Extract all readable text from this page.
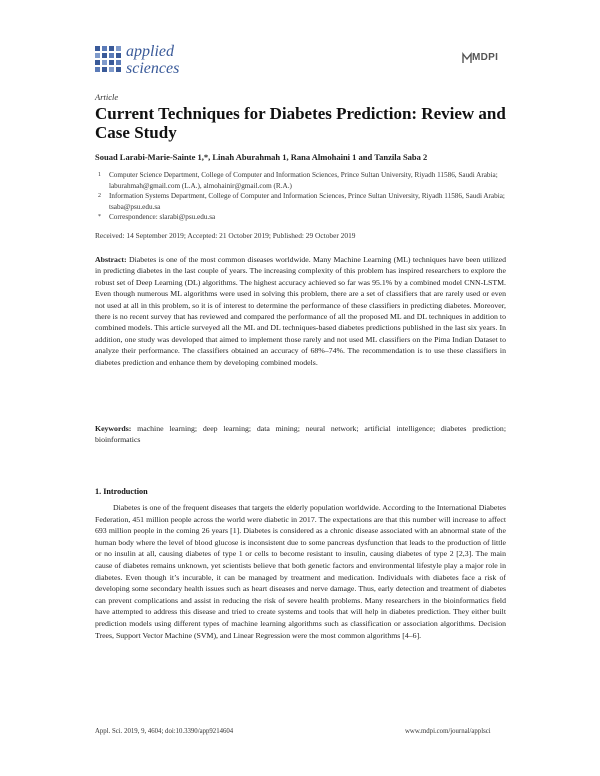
applied
sciences
MDPI
Article
Current Techniques for Diabetes Prediction: Review and Case Study
Souad Larabi-Marie-Sainte 1,*, Linah Aburahmah 1, Rana Almohaini 1 and Tanzila Saba 2
1 Computer Science Department, College of Computer and Information Sciences, Prince Sultan University, Riyadh 11586, Saudi Arabia; laburahmah@gmail.com (L.A.), almohainir@gmail.com (R.A.)
2 Information Systems Department, College of Computer and Information Sciences, Prince Sultan University, Riyadh 11586, Saudi Arabia; tsaba@psu.edu.sa
* Correspondence: slarabi@psu.edu.sa
Received: 14 September 2019; Accepted: 21 October 2019; Published: 29 October 2019
Abstract: Diabetes is one of the most common diseases worldwide. Many Machine Learning (ML) techniques have been utilized in predicting diabetes in the last couple of years. The increasing complexity of this problem has inspired researchers to explore the robust set of Deep Learning (DL) algorithms. The highest accuracy achieved so far was 95.1% by a combined model CNN-LSTM. Even though numerous ML algorithms were used in solving this problem, there are a set of classifiers that are rarely used or even not used at all in this problem, so it is of interest to determine the performance of these classifiers in predicting diabetes. Moreover, there is no recent survey that has reviewed and compared the performance of all the proposed ML and DL techniques in addition to combined models. This article surveyed all the ML and DL techniques-based diabetes predictions published in the last six years. In addition, one study was developed that aimed to implement those rarely and not used ML classifiers on the Pima Indian Dataset to analyze their performance. The classifiers obtained an accuracy of 68%–74%. The recommendation is to use these classifiers in diabetes prediction and enhance them by developing combined models.
Keywords: machine learning; deep learning; data mining; neural network; artificial intelligence; diabetes prediction; bioinformatics
1. Introduction
Diabetes is one of the frequent diseases that targets the elderly population worldwide. According to the International Diabetes Federation, 451 million people across the world were diabetic in 2017. The expectations are that this number will increase to affect 693 million people in the coming 26 years [1]. Diabetes is considered as a chronic disease associated with an abnormal state of the human body where the level of blood glucose is inconsistent due to some pancreas dysfunction that leads to the production of little or no insulin at all, causing diabetes of type 1 or cells to become resistant to insulin, causing diabetes of type 2 [2,3]. The main cause of diabetes remains unknown, yet scientists believe that both genetic factors and environmental lifestyle play a major role in diabetes. Even though it’s incurable, it can be managed by treatment and medication. Individuals with diabetes face a risk of developing some secondary health issues such as heart diseases and nerve damage. Thus, early detection and treatment of diabetes can prevent complications and assist in reducing the risk of severe health problems. Many researchers in the bioinformatics field have attempted to address this disease and tried to create systems and tools that will help in diabetes prediction. They either built prediction models using different types of machine learning algorithms such as classification or association algorithms. Decision Trees, Support Vector Machine (SVM), and Linear Regression were the most common algorithms [4–6].
Appl. Sci. 2019, 9, 4604; doi:10.3390/app9214604	www.mdpi.com/journal/applsci
